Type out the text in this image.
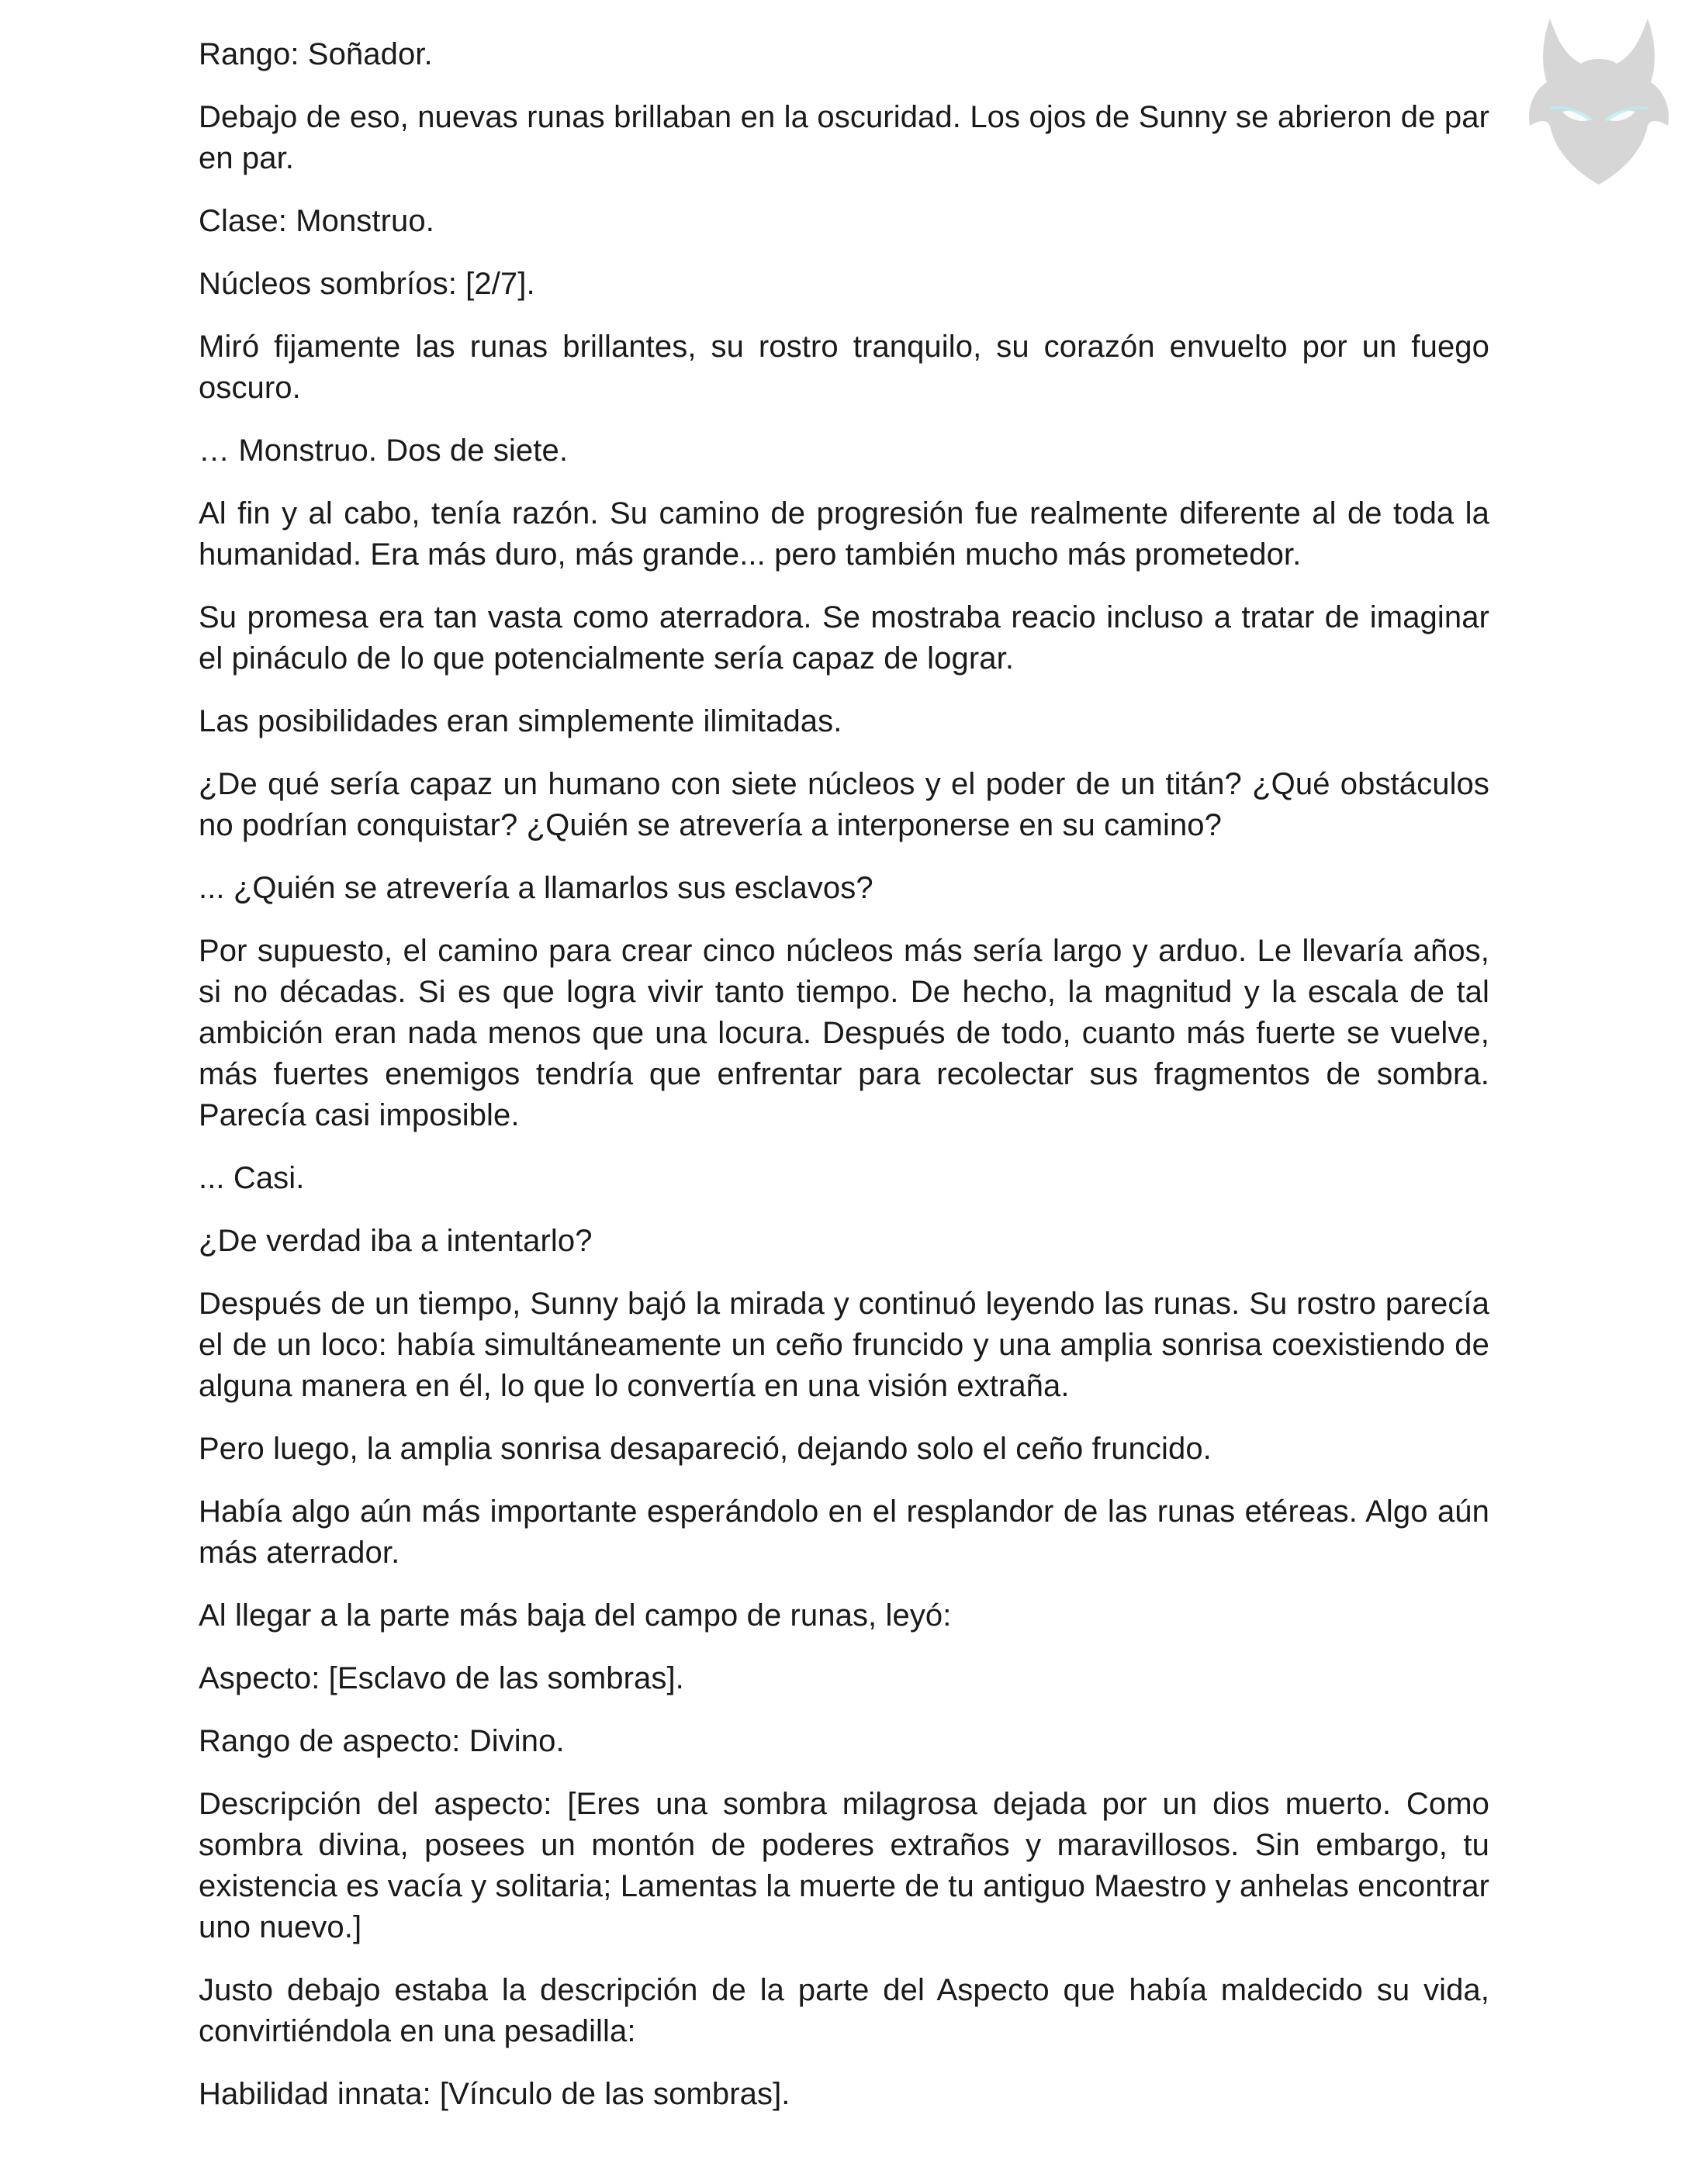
Rango: Soñador.

Debajo de eso, nuevas runas brillaban en la oscuridad. Los ojos de Sunny se abrieron de par en par.

Clase: Monstruo.

Núcleos sombríos: [2/7].

Miró fijamente las runas brillantes, su rostro tranquilo, su corazón envuelto por un fuego oscuro.

… Monstruo. Dos de siete.

Al fin y al cabo, tenía razón. Su camino de progresión fue realmente diferente al de toda la humanidad. Era más duro, más grande... pero también mucho más prometedor.

Su promesa era tan vasta como aterradora. Se mostraba reacio incluso a tratar de imaginar el pináculo de lo que potencialmente sería capaz de lograr.

Las posibilidades eran simplemente ilimitadas.

¿De qué sería capaz un humano con siete núcleos y el poder de un titán? ¿Qué obstáculos no podrían conquistar? ¿Quién se atrevería a interponerse en su camino?

... ¿Quién se atrevería a llamarlos sus esclavos?

Por supuesto, el camino para crear cinco núcleos más sería largo y arduo. Le llevaría años, si no décadas. Si es que logra vivir tanto tiempo. De hecho, la magnitud y la escala de tal ambición eran nada menos que una locura. Después de todo, cuanto más fuerte se vuelve, más fuertes enemigos tendría que enfrentar para recolectar sus fragmentos de sombra. Parecía casi imposible.

... Casi.

¿De verdad iba a intentarlo?

Después de un tiempo, Sunny bajó la mirada y continuó leyendo las runas. Su rostro parecía el de un loco: había simultáneamente un ceño fruncido y una amplia sonrisa coexistiendo de alguna manera en él, lo que lo convertía en una visión extraña.

Pero luego, la amplia sonrisa desapareció, dejando solo el ceño fruncido.

Había algo aún más importante esperándolo en el resplandor de las runas etéreas. Algo aún más aterrador.

Al llegar a la parte más baja del campo de runas, leyó:

Aspecto: [Esclavo de las sombras].

Rango de aspecto: Divino.

Descripción del aspecto: [Eres una sombra milagrosa dejada por un dios muerto. Como sombra divina, posees un montón de poderes extraños y maravillosos. Sin embargo, tu existencia es vacía y solitaria; Lamentas la muerte de tu antiguo Maestro y anhelas encontrar uno nuevo.]

Justo debajo estaba la descripción de la parte del Aspecto que había maldecido su vida, convirtiéndola en una pesadilla:

Habilidad innata: [Vínculo de las sombras].
